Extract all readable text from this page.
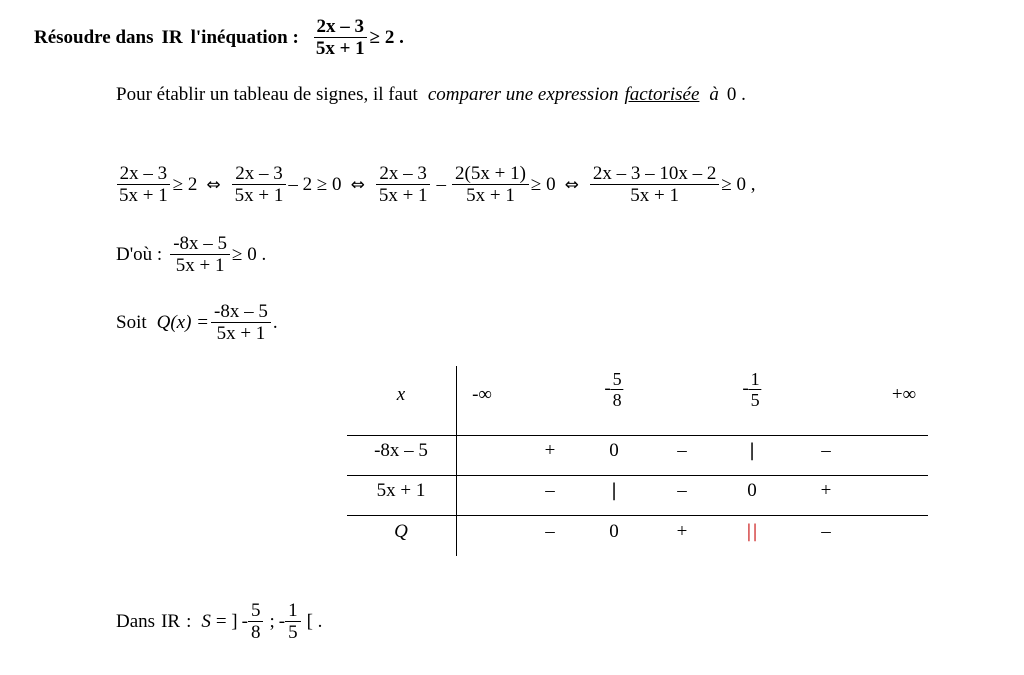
Résoudre dans IR l'inéquation : $\frac{2x - 3}{5x + 1} \ge 2$ .
Pour établir un tableau de signes, il faut comparer une expression factorisée à 0 .
$\frac{2x - 3}{5x + 1} \ge 2$ ⇔ $\frac{2x - 3}{5x + 1} - 2 \ge 0$ ⇔ $\frac{2x - 3}{5x + 1} - \frac{2(5x + 1)}{5x + 1} \ge 0$ ⇔ $\frac{2x - 3 - 10x - 2}{5x + 1} \ge 0$ ,
D'où : $\frac{-8x - 5}{5x + 1} \ge 0$ .
Soit $Q(x) = \frac{-8x - 5}{5x + 1}$ .
x	-∞	- $\frac{5}{8}$	- $\frac{1}{5}$	+∞
-8x – 5	+	0	–	|	–
5x + 1	–	|	–	0	+
Q	–	0	+	||	–
Dans IR : S = ] - $\frac{5}{8}$ ; - $\frac{1}{5}$ [ .
